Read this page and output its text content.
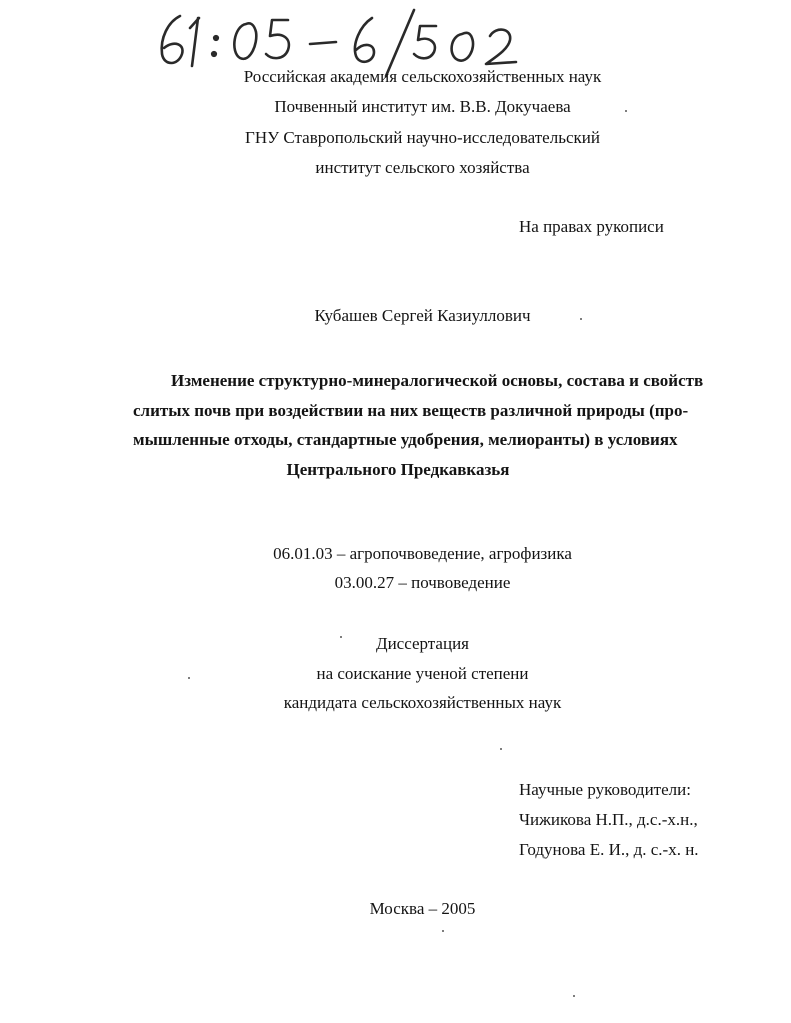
Российская академия сельскохозяйственных наук
Почвенный институт им. В.В. Докучаева
ГНУ Ставропольский научно-исследовательский
институт сельского хозяйства
На правах рукописи
Кубашев Сергей Казиуллович
Изменение структурно-минералогической основы, состава и свойств
слитых почв при воздействии на них веществ различной природы (про-
мышленные отходы, стандартные удобрения, мелиоранты) в условиях
Центрального Предкавказья
06.01.03 – агропочвоведение, агрофизика
03.00.27 – почвоведение
Диссертация
на соискание ученой степени
кандидата сельскохозяйственных наук
Научные руководители:
Чижикова Н.П., д.с.-х.н.,
Годунова Е. И., д. с.-х. н.
Москва – 2005
